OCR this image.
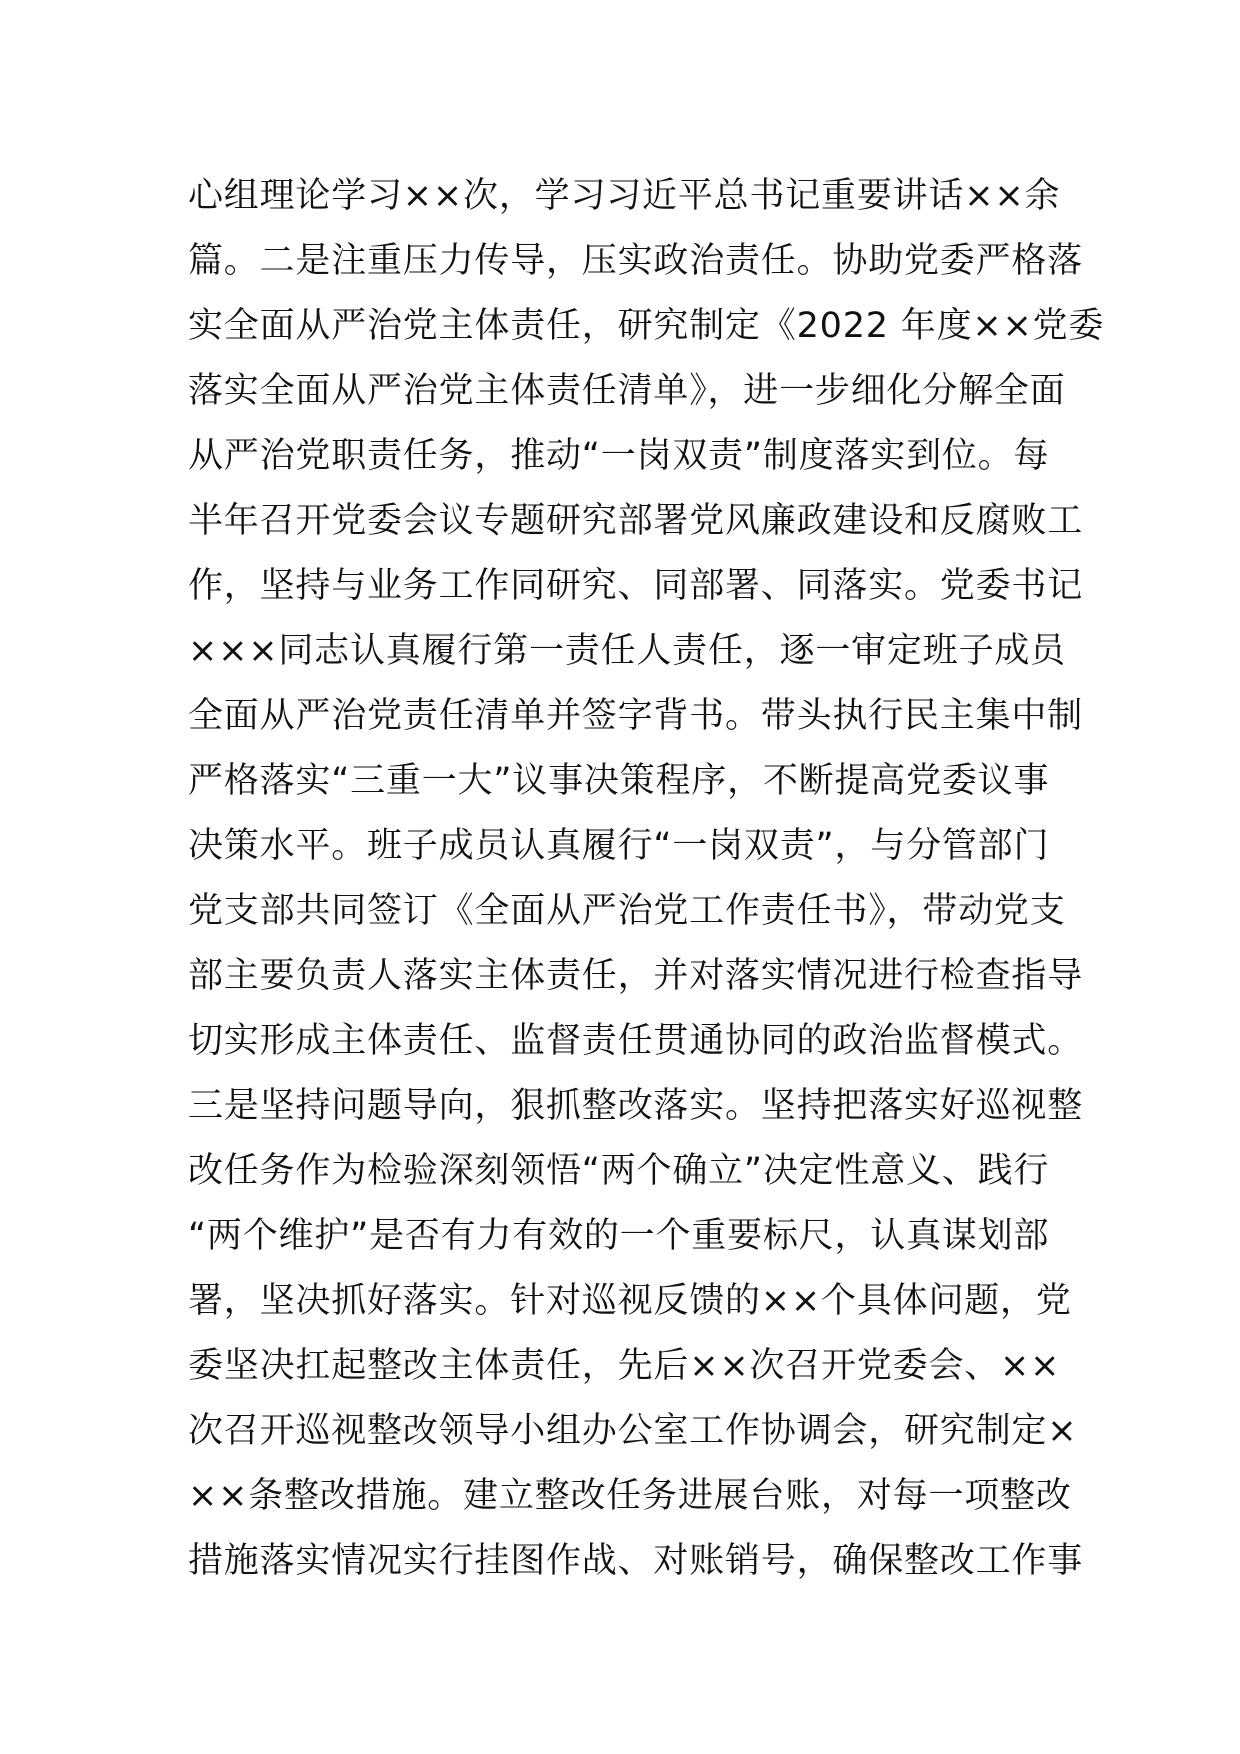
心组理论学习××次，学习习近平总书记重要讲话××余
篇。二是注重压力传导，压实政治责任。协助党委严格落
实全面从严治党主体责任，研究制定《2022 年度××党委
落实全面从严治党主体责任清单》，进一步细化分解全面
从严治党职责任务，推动“一岗双责”制度落实到位。每
半年召开党委会议专题研究部署党风廉政建设和反腐败工
作，坚持与业务工作同研究、同部署、同落实。党委书记
×××同志认真履行第一责任人责任，逐一审定班子成员
全面从严治党责任清单并签字背书。带头执行民主集中制
严格落实“三重一大”议事决策程序，不断提高党委议事
决策水平。班子成员认真履行“一岗双责”，与分管部门
党支部共同签订《全面从严治党工作责任书》，带动党支
部主要负责人落实主体责任，并对落实情况进行检查指导
切实形成主体责任、监督责任贯通协同的政治监督模式。
三是坚持问题导向，狠抓整改落实。坚持把落实好巡视整
改任务作为检验深刻领悟“两个确立”决定性意义、践行
“两个维护”是否有力有效的一个重要标尺，认真谋划部
署，坚决抓好落实。针对巡视反馈的××个具体问题，党
委坚决扛起整改主体责任，先后××次召开党委会、××
次召开巡视整改领导小组办公室工作协调会，研究制定×
××条整改措施。建立整改任务进展台账，对每一项整改
措施落实情况实行挂图作战、对账销号，确保整改工作事
